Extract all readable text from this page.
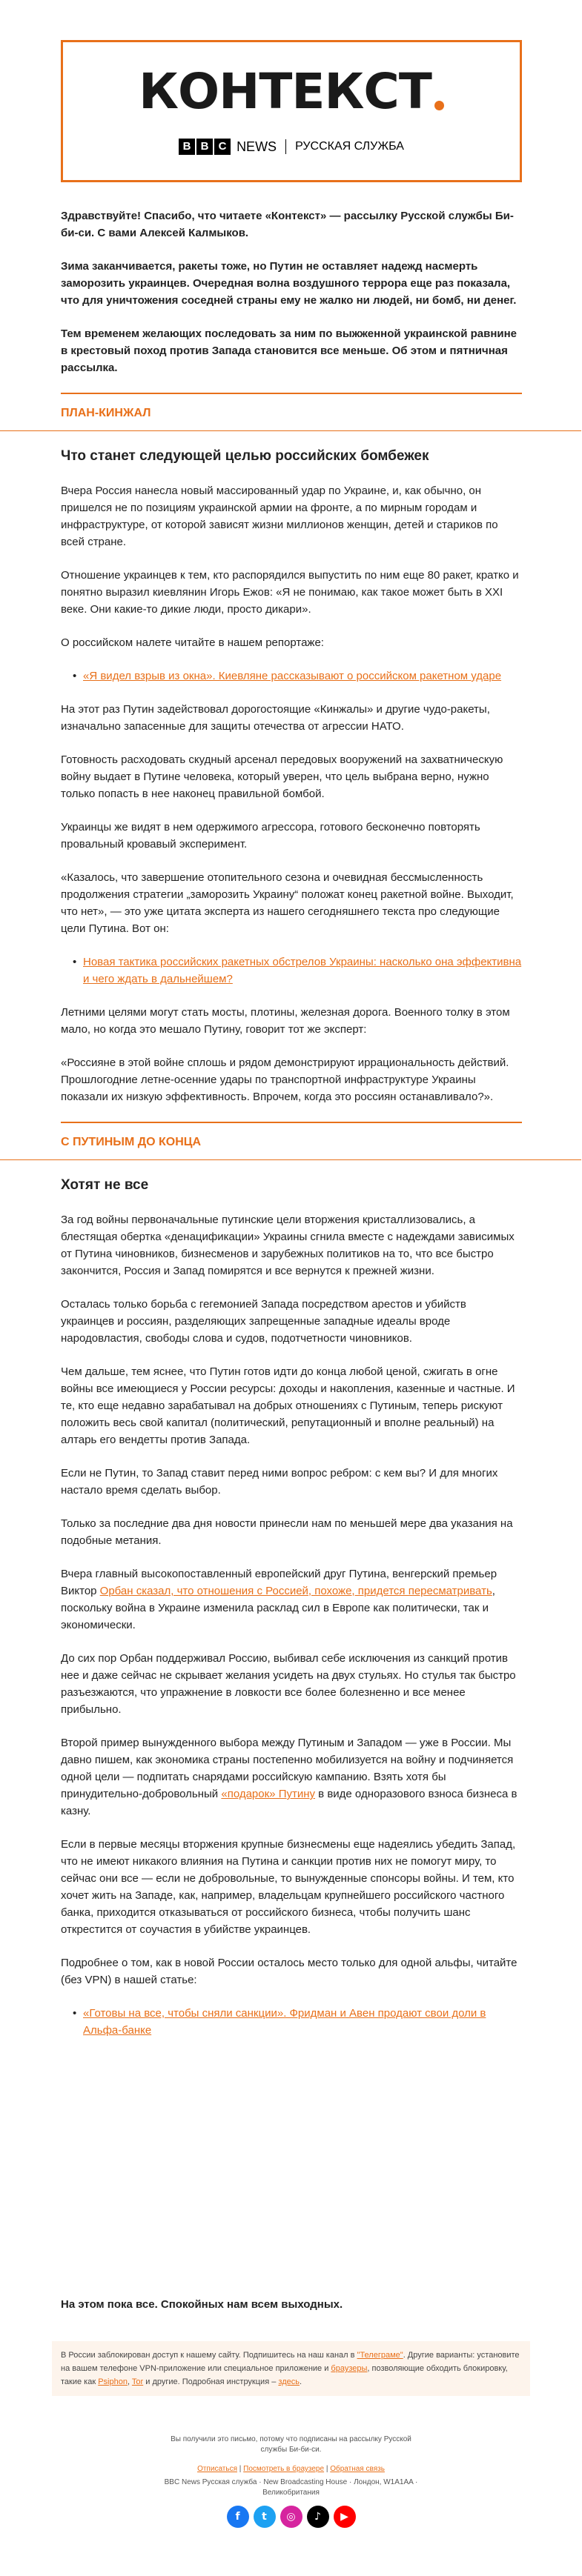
КОНТЕКСТ
B B C NEWS РУССКАЯ СЛУЖБА

Здравствуйте! Спасибо, что читаете «Контекст» — рассылку Русской службы Би-би-си. С вами Алексей Калмыков.

Зима заканчивается, ракеты тоже, но Путин не оставляет надежд насмерть заморозить украинцев. Очередная волна воздушного террора еще раз показала, что для уничтожения соседней страны ему не жалко ни людей, ни бомб, ни денег.

Тем временем желающих последовать за ним по выжженной украинской равнине в крестовый поход против Запада становится все меньше. Об этом и пятничная рассылка.

ПЛАН-КИНЖАЛ
Что станет следующей целью российских бомбежек

Вчера Россия нанесла новый массированный удар по Украине, и, как обычно, он пришелся не по позициям украинской армии на фронте, а по мирным городам и инфраструктуре, от которой зависят жизни миллионов женщин, детей и стариков по всей стране.

Отношение украинцев к тем, кто распорядился выпустить по ним еще 80 ракет, кратко и понятно выразил киевлянин Игорь Ежов: «Я не понимаю, как такое может быть в XXI веке. Они какие-то дикие люди, просто дикари».

О российском налете читайте в нашем репортаже:

• «Я видел взрыв из окна». Киевляне рассказывают о российском ракетном ударе

На этот раз Путин задействовал дорогостоящие «Кинжалы» и другие чудо-ракеты, изначально запасенные для защиты отечества от агрессии НАТО.

Готовность расходовать скудный арсенал передовых вооружений на захватническую войну выдает в Путине человека, который уверен, что цель выбрана верно, нужно только попасть в нее наконец правильной бомбой.

Украинцы же видят в нем одержимого агрессора, готового бесконечно повторять провальный кровавый эксперимент.

«Казалось, что завершение отопительного сезона и очевидная бессмысленность продолжения стратегии „заморозить Украину“ положат конец ракетной войне. Выходит, что нет», — это уже цитата эксперта из нашего сегодняшнего текста про следующие цели Путина. Вот он:

• Новая тактика российских ракетных обстрелов Украины: насколько она эффективна и чего ждать в дальнейшем?

Летними целями могут стать мосты, плотины, железная дорога. Военного толку в этом мало, но когда это мешало Путину, говорит тот же эксперт:

«Россияне в этой войне сплошь и рядом демонстрируют иррациональность действий. Прошлогодние летне-осенние удары по транспортной инфраструктуре Украины показали их низкую эффективность. Впрочем, когда это россиян останавливало?».

С ПУТИНЫМ ДО КОНЦА
Хотят не все

За год войны первоначальные путинские цели вторжения кристаллизовались, а блестящая обертка «денацификации» Украины сгнила вместе с надеждами зависимых от Путина чиновников, бизнесменов и зарубежных политиков на то, что все быстро закончится, Россия и Запад помирятся и все вернутся к прежней жизни.

Осталась только борьба с гегемонией Запада посредством арестов и убийств украинцев и россиян, разделяющих запрещенные западные идеалы вроде народовластия, свободы слова и судов, подотчетности чиновников.

Чем дальше, тем яснее, что Путин готов идти до конца любой ценой, сжигать в огне войны все имеющиеся у России ресурсы: доходы и накопления, казенные и частные. И те, кто еще недавно зарабатывал на добрых отношениях с Путиным, теперь рискуют положить весь свой капитал (политический, репутационный и вполне реальный) на алтарь его вендетты против Запада.

Если не Путин, то Запад ставит перед ними вопрос ребром: с кем вы? И для многих настало время сделать выбор.

Только за последние два дня новости принесли нам по меньшей мере два указания на подобные метания.

Вчера главный высокопоставленный европейский друг Путина, венгерский премьер Виктор Орбан сказал, что отношения с Россией, похоже, придется пересматривать, поскольку война в Украине изменила расклад сил в Европе как политически, так и экономически.

До сих пор Орбан поддерживал Россию, выбивал себе исключения из санкций против нее и даже сейчас не скрывает желания усидеть на двух стульях. Но стулья так быстро разъезжаются, что упражнение в ловкости все более болезненно и все менее прибыльно.

Второй пример вынужденного выбора между Путиным и Западом — уже в России. Мы давно пишем, как экономика страны постепенно мобилизуется на войну и подчиняется одной цели — подпитать снарядами российскую кампанию. Взять хотя бы принудительно-добровольный «подарок» Путину в виде одноразового взноса бизнеса в казну.

Если в первые месяцы вторжения крупные бизнесмены еще надеялись убедить Запад, что не имеют никакого влияния на Путина и санкции против них не помогут миру, то сейчас они все — если не добровольные, то вынужденные спонсоры войны. И тем, кто хочет жить на Западе, как, например, владельцам крупнейшего российского частного банка, приходится отказываться от российского бизнеса, чтобы получить шанс открестится от соучастия в убийстве украинцев.

Подробнее о том, как в новой России осталось место только для одной альфы, читайте (без VPN) в нашей статье:

• «Готовы на все, чтобы сняли санкции». Фридман и Авен продают свои доли в Альфа-банке
На этом пока все. Спокойных нам всем выходных.
В России заблокирован доступ к нашему сайту. Подпишитесь на наш канал в "Телеграме". Другие варианты: установите на вашем телефоне VPN-приложение или специальное приложение и браузеры, позволяющие обходить блокировку, такие как Psiphon, Tor и другие. Подробная инструкция – здесь.
Вы получили это письмо, потому что подписаны на рассылку Русской
службы Би-би-си.
Отписаться | Посмотреть в браузере | Обратная связь
BBC News Русская служба · New Broadcasting House · Лондон, W1A1AA ·
Великобритания
f	t	◎	♪	▶
